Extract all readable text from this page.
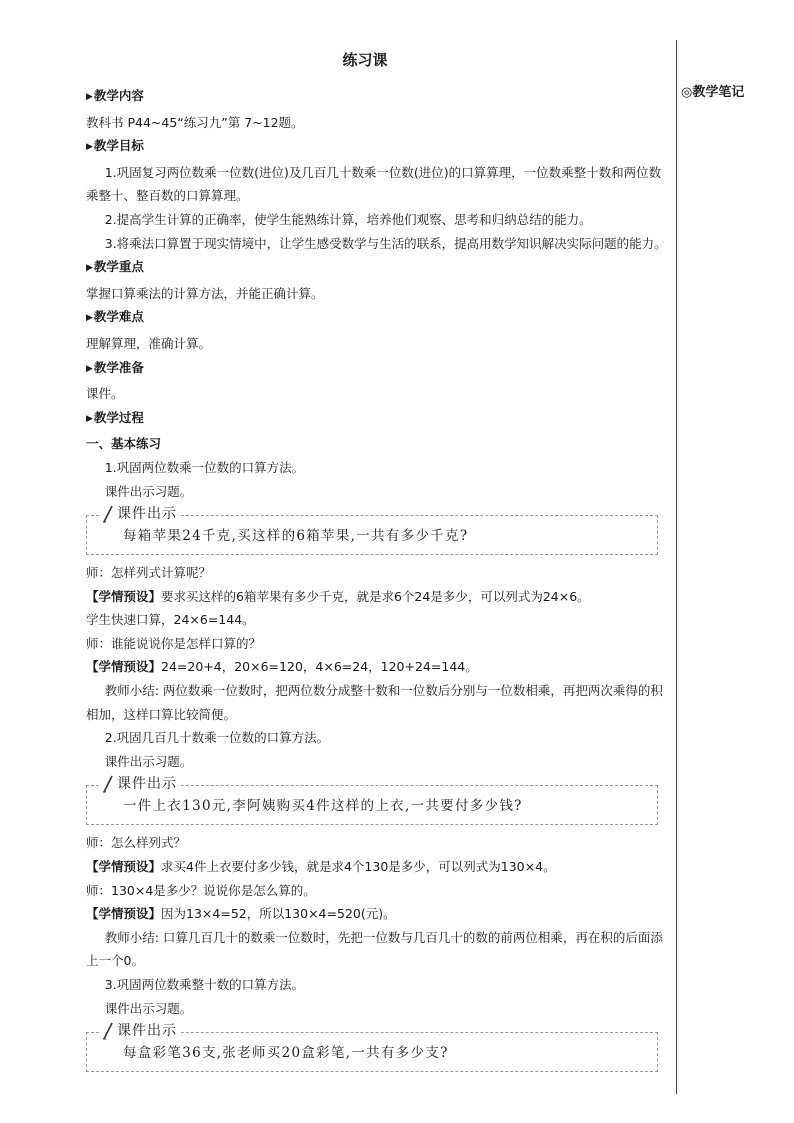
练习课
◎教学笔记

▶教学内容

教科书 P44~45“练习九”第 7~12题。

▶教学目标

1.巩固复习两位数乘一位数(进位)及几百几十数乘一位数(进位)的口算算理，一位数乘整十数和两位数乘整十、整百数的口算算理。

2.提高学生计算的正确率，使学生能熟练计算，培养他们观察、思考和归纳总结的能力。

3.将乘法口算置于现实情境中，让学生感受数学与生活的联系，提高用数学知识解决实际问题的能力。

▶教学重点

掌握口算乘法的计算方法，并能正确计算。

▶教学难点

理解算理，准确计算。

▶教学准备

课件。

▶教学过程

一、基本练习

1.巩固两位数乘一位数的口算方法。

课件出示习题。

课件出示
每箱苹果24千克,买这样的6箱苹果,一共有多少千克?

师：怎样列式计算呢？

【学情预设】要求买这样的6箱苹果有多少千克，就是求6个24是多少，可以列式为24×6。

学生快速口算，24×6=144。

师：谁能说说你是怎样口算的？

【学情预设】24=20+4，20×6=120，4×6=24，120+24=144。

教师小结: 两位数乘一位数时，把两位数分成整十数和一位数后分别与一位数相乘，再把两次乘得的积相加，这样口算比较简便。

2.巩固几百几十数乘一位数的口算方法。

课件出示习题。

课件出示
一件上衣130元,李阿姨购买4件这样的上衣,一共要付多少钱?

师：怎么样列式？

【学情预设】求买4件上衣要付多少钱，就是求4个130是多少，可以列式为130×4。

师：130×4是多少？说说你是怎么算的。

【学情预设】因为13×4=52，所以130×4=520(元)。

教师小结: 口算几百几十的数乘一位数时，先把一位数与几百几十的数的前两位相乘，再在积的后面添上一个0。

3.巩固两位数乘整十数的口算方法。

课件出示习题。

课件出示
每盒彩笔36支,张老师买20盒彩笔,一共有多少支?
